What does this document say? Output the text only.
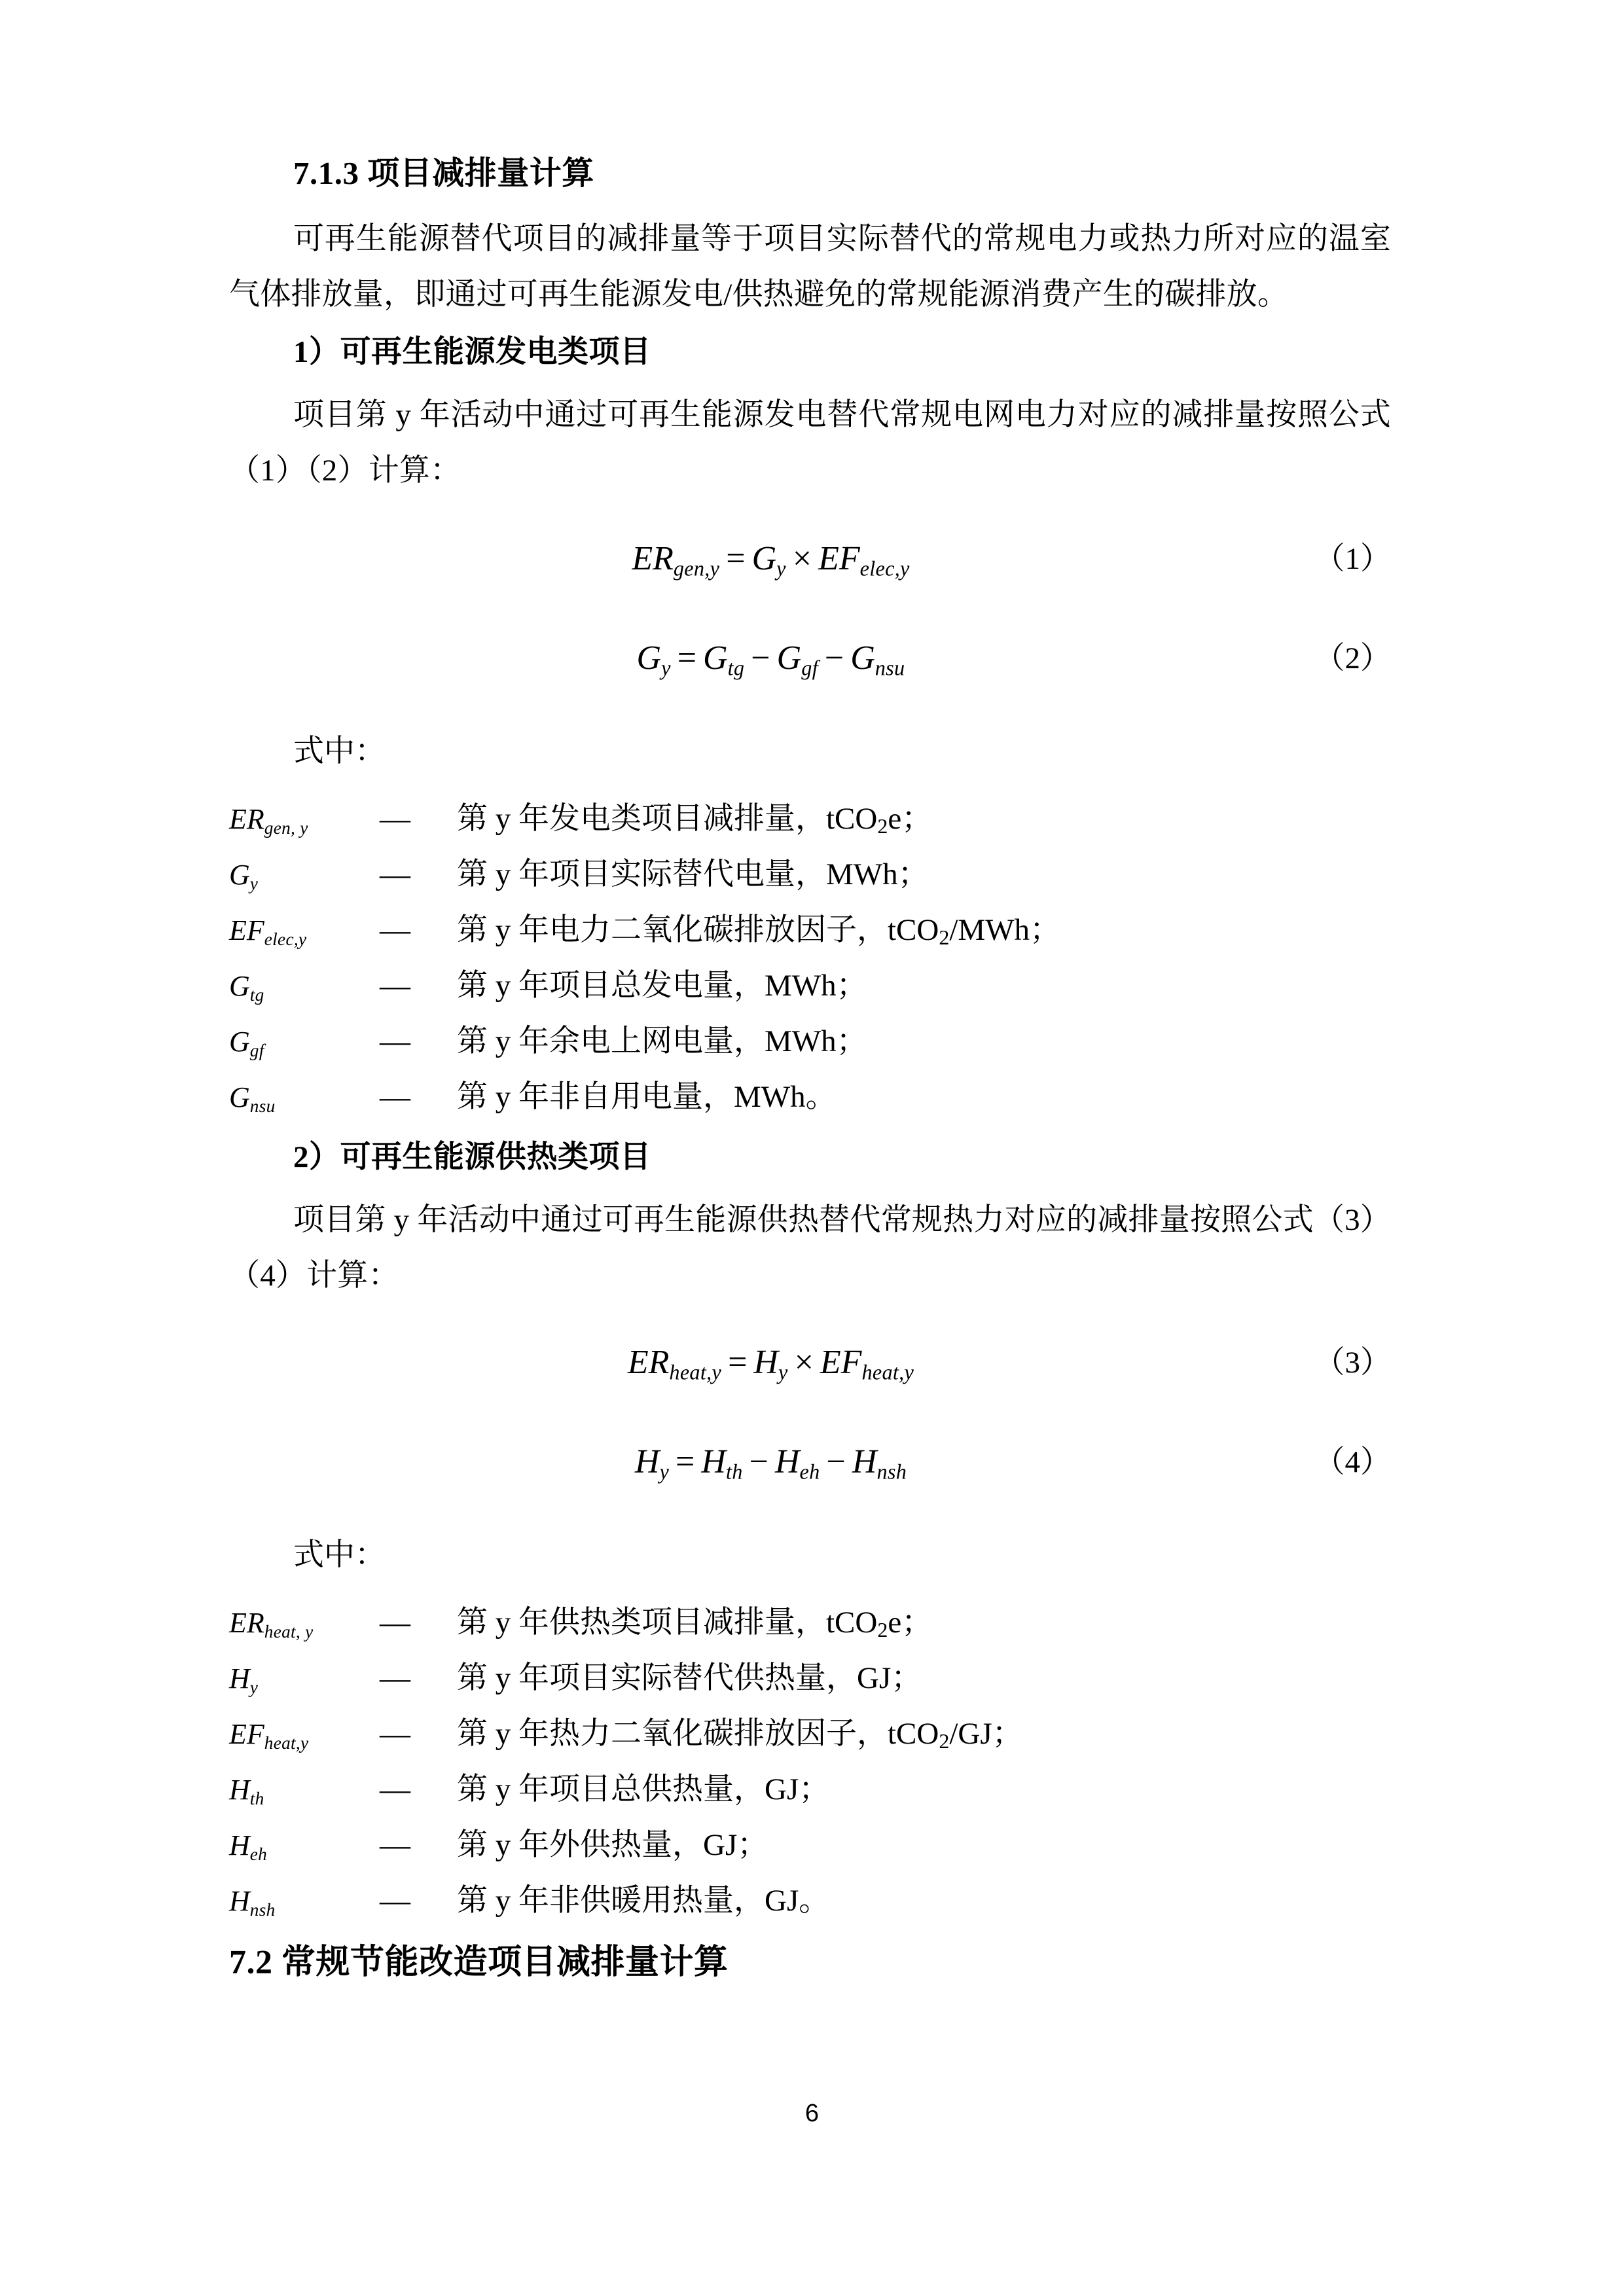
7.1.3 项目减排量计算

可再生能源替代项目的减排量等于项目实际替代的常规电力或热力所对应的温室气体排放量，即通过可再生能源发电/供热避免的常规能源消费产生的碳排放。

1）可再生能源发电类项目

项目第 y 年活动中通过可再生能源发电替代常规电网电力对应的减排量按照公式（1）（2）计算：

ERgen,y = Gy × EFelec,y	（1）
Gy = Gtg − Ggf − Gnsu	（2）

式中：

ERgen, y	—	第 y 年发电类项目减排量，tCO$_2$e；
Gy	—	第 y 年项目实际替代电量，MWh；
EFelec,y	—	第 y 年电力二氧化碳排放因子，tCO$_2$/MWh；
Gtg	—	第 y 年项目总发电量，MWh；
Ggf	—	第 y 年余电上网电量，MWh；
Gnsu	—	第 y 年非自用电量，MWh。
2）可再生能源供热类项目

项目第 y 年活动中通过可再生能源供热替代常规热力对应的减排量按照公式（3）（4）计算：

ERheat,y = Hy × EFheat,y	（3）
Hy = Hth − Heh − Hnsh	（4）

式中：

ERheat, y	—	第 y 年供热类项目减排量，tCO$_2$e；
Hy	—	第 y 年项目实际替代供热量，GJ；
EFheat,y	—	第 y 年热力二氧化碳排放因子，tCO$_2$/GJ；
Hth	—	第 y 年项目总供热量，GJ；
Heh	—	第 y 年外供热量，GJ；
Hnsh	—	第 y 年非供暖用热量，GJ。
7.2 常规节能改造项目减排量计算
6
